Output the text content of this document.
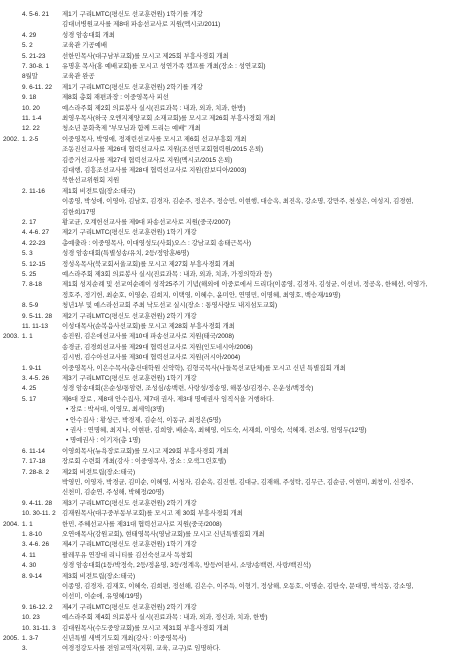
4. 5-6. 21	제1기 구리LMTC(평신도 선교훈련원) 1학기를 개강
김대녀병원교사를 제8대 파송선교사로 지원(멕시코/2011)
4. 29	성경 암송대회 개최
5. 2	교육관 기공예배
5. 21-23	선한민목사(대구남부교회)를 모시고 제25회 부흥사경회 개최
7. 30-8. 1	유명훈 목사(홍 예배교회)를 모시고 성연가족 캠프를 개최(장소 : 성연교회)
8월말	교육관 완공
9. 6-11. 22	제1기 구리LMTC(평신도 선교훈련원) 2학기를 개강
9. 18	제8회 총회 재편과장 : 이중영목사 피선
10. 20	예스라주회 제2회 의료봉사 실시(진료과목 : 내과, 외과, 치과, 한방)
11. 1-4	최영우목사(하국 오엔지제양교회 소재교회)를 모시고 제26회 부흥사경회 개최
12. 22	청소년 문화축제 "부모님과 함께 드리는 예배" 개최
2002. 1. 2-5	이중영목사, 박영애, 정재린선교사를 모시고 제6회 선교부흥회 개최
조동진선교사를 제26대 협력선교사로 지원(조선민교회협력원/2015 은퇴)
김증거선교사를 제27대 협력선교사로 지원(멕시코/2015 은퇴)
김대행, 김흥조선교사를 제28대 협력선교사로 지원(캄보디아/2003)
북한선교위원회 지원
2. 11-16	제1회 비전트립(장소:태국)
이종영, 박성애, 이영아, 김남호, 김경자, 김순주, 정은주, 정승민, 이현행, 대승옥, 최진옥, 강소명, 강만주, 천성은, 여성지, 김경현,
김한희/17명
2. 17	황교균, 오계헌선교사를 제9대 파송선교사로 지원(중국/2007)
4. 4-6. 27	제2기 구리LMTC(평신도 선교훈련원) 1학기 개강
4. 22-23	총예출라 : 이중영목사, 이대영성도(사회)오스 : 강남교회 송태근목사)
5. 3	성경 암송대회(특별성송/유치, 2등/정암훈/6명)
5. 12-15	정성옥목사(북교회서울교회)를 모시고 제27회 부흥사경회 개최
5. 25	예스라주회 제3회 의료봉사 실시(진료과목 : 내과, 외과, 치과, 가정의학과 등)
7. 8-18	제1회 성지순례 및 선교여순례이 성작25주기 기념(해외에 이중로에서 드리다(이종영, 김경자, 김성균, 이선녀, 정공옥, 한혜선, 이영가,
정호주, 정기헌, 최순호, 이영순, 김희지, 이택영, 이혜수, 윤미안, 연명민, 이명혜, 최영호, 백승재/19명)
8. 5-9	청년1부 및 예스라선교회 주최 낙도선교 실시(장소 : 통영사량도 내지섬도교회)
9. 5-11. 28	제2기 구리LMTC(평신도 선교훈련원) 2학기 개강
11. 11-13	이성대목사(순복음사선교회)를 모시고 제28회 부흥사경회 개최
2003. 1. 1	송진원, 김은애선교사를 제10대 파송선교사로 지원(태국/2008)
송경균, 김경희선교사를 제29대 협력선교사로 지원(인도네시아/2006)
김시범, 김수아선교사를 제30대 협력선교사로 지원(러시아/2004)
1. 9-11	이중영목사, 이은수목사(총신대학원 신약학), 김형국목사(나들목선교단체)를 모시고 신년 특별집회 개최
3. 4-5. 26	제3기 구리LMTC(평신도 선교훈련원) 1학기 개강
4. 25	성경 암송대회(은순성/통암련, 조성심/송백련, 사랑성/정송영, 해봉성/김경수, 은운성/백정숙)
5. 17	제6대 장로 , 제8대 안수집사, 제7대 권사, 제3대 명예권사 임직식을 거행하다.
• 장로 : 박서대, 이영모, 최세익(3명)
• 안수집사 : 황성근, 박경제, 김순석, 이동규, 최정은(5명)
• 권사 : 연명혜, 최지나, 이현판, 김희양, 배순옥, 최혜영, 이도숙, 서재희, 이영숙, 석혜재, 전소영, 엄영두(12명)
• 명예권사 : 이기자(총 1명)
6. 11-14	이영희목사(뉴욕장로교회)를 모시고 제29회 부흥사경회 개최
7. 17-18	장로회 수련회 개최(강사 : 이중영목사, 장소 : 오색그린호텔)
7. 28-8. 2	제2회 비전트립(장소:태국)
박영민, 이영자, 박경균, 김미순, 이혜영, 서청자, 김순옥, 김진현, 김대규, 김재해, 주성탁, 김무근, 김순금, 이현미, 최창이, 신정주,
신천미, 김순연, 주성해, 박혜정/20명)
9. 4-11. 28	제3기 구리LMTC(평신도 선교훈련원) 2학기 개강
10. 30-11. 2 김재원목사(대구중부동부교회)를 모시고 제 30회 부흥사경회 개최
2004. 1. 1	한민, 주혜선교사를 제31대 협력선교사로 지원(중국/2008)
1. 8-10	오연애목사(강원교회), 현태영목사(영남교회)를 모시고 신년특별집회 개최
3. 4-6. 26	제4기 구리LMTC(평신도 선교훈련원) 1학기 개강
4. 11	팔레무유 연장대 리니티를 김선숙선교사 독창회
4. 30	성경 암송대회(1등/박정숙, 2등/정윤영, 3등/정계옥, 방등/이판서, 소망/송백련, 사랑/백진석)
8. 9-14	제3회 비전트립(장소:태국)
이종영, 김경자, 김재호, 이혜숙, 김희편, 정선해, 김은수, 이주득, 이형기, 정상해, 오동호, 이명순, 김탄숙, 문대명, 박석동, 강소영,
이선미, 이순애, 유영혜/19명)
9. 16-12. 2	제4기 구리LMTC(평신도 선교훈련원) 2학기 개강
10. 23	예스라주회 제4회 의료봉사 실시(진료과목 : 내과, 외과, 정신과, 치과, 한방)
10. 31-11. 3 김대원목사(수도중앙교회)를 모시고 제31회 부흥사경회 개최
2005. 1. 3-7	신년특별 새벽기도회 개최(강사 : 이중영목사)
3.	여경정강도사를 전임교역자(지휘, 교육, 교구)로 임명하다.
